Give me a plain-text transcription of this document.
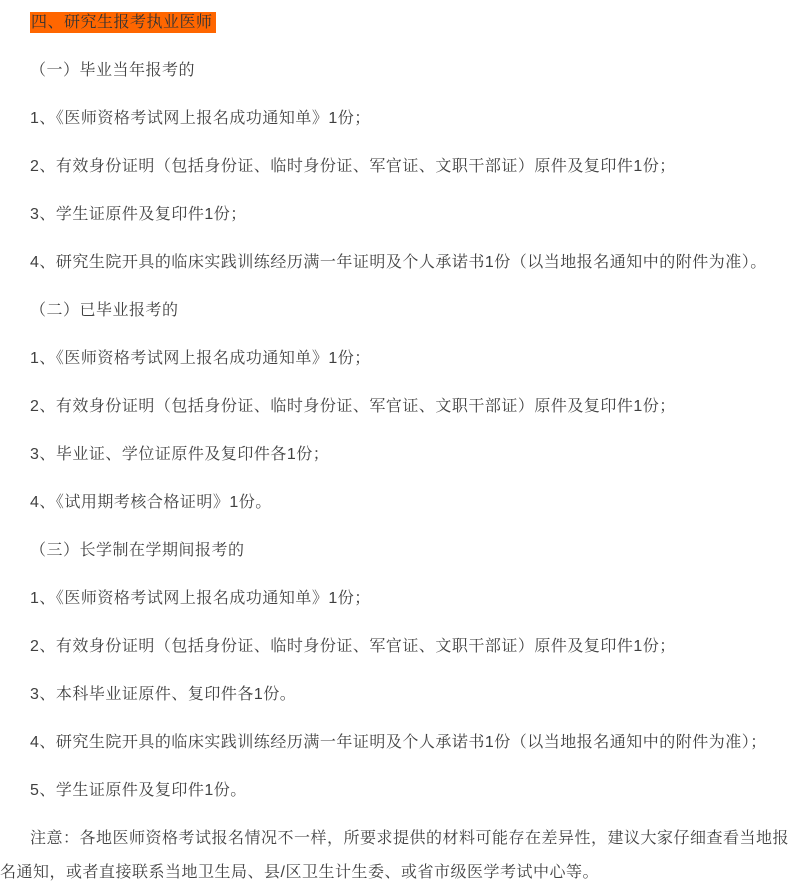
四、研究生报考执业医师

（一）毕业当年报考的

1、《医师资格考试网上报名成功通知单》1份；

2、有效身份证明（包括身份证、临时身份证、军官证、文职干部证）原件及复印件1份；

3、学生证原件及复印件1份；

4、研究生院开具的临床实践训练经历满一年证明及个人承诺书1份（以当地报名通知中的附件为准）。

（二）已毕业报考的

1、《医师资格考试网上报名成功通知单》1份；

2、有效身份证明（包括身份证、临时身份证、军官证、文职干部证）原件及复印件1份；

3、毕业证、学位证原件及复印件各1份；

4、《试用期考核合格证明》1份。

（三）长学制在学期间报考的

1、《医师资格考试网上报名成功通知单》1份；

2、有效身份证明（包括身份证、临时身份证、军官证、文职干部证）原件及复印件1份；

3、本科毕业证原件、复印件各1份。

4、研究生院开具的临床实践训练经历满一年证明及个人承诺书1份（以当地报名通知中的附件为准）；

5、学生证原件及复印件1份。

注意：各地医师资格考试报名情况不一样，所要求提供的材料可能存在差异性，建议大家仔细查看当地报名通知，或者直接联系当地卫生局、县/区卫生计生委、或省市级医学考试中心等。
